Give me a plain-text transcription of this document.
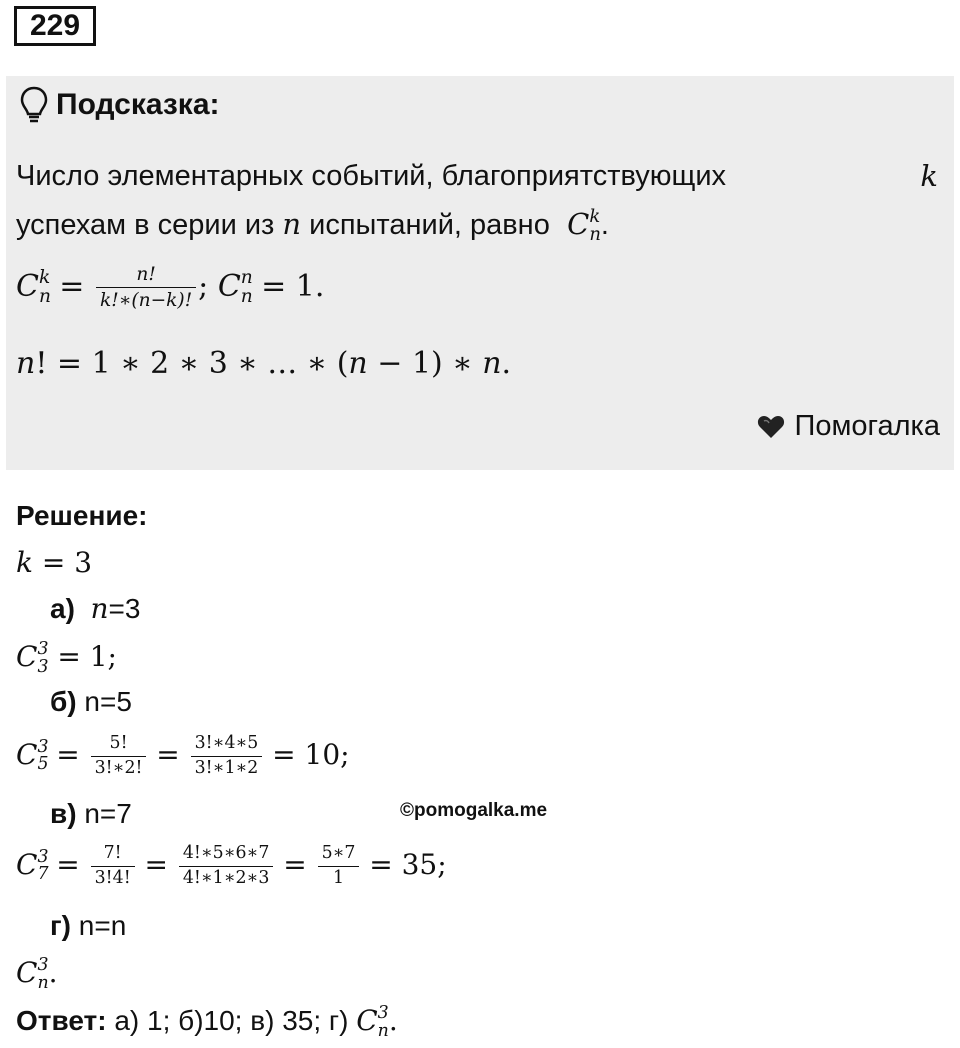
229
Подсказка:
Число элементарных событий, благоприятствующих	k
успехам в серии из n испытаний, равно  C k
n .
C k
$n = \frac{n!}{k!∗(n-k)!}$ ; C n
n = 1.
n! = 1 ∗ 2 ∗ 3 ∗ … ∗ (n − 1) ∗ n.
Помогалка
Решение:
k = 3
а) n=3
C 3
3 = 1;
б) n=5
C 3
$5 = \frac{5!}{3!∗2!} = \frac{3!∗4∗5}{3!∗1∗2} = 10$;
в) n=7	©pomogalka.me
C 3
$7 = \frac{7!}{3!4!} = \frac{4!∗5∗6∗7}{4!∗1∗2∗3} = \frac{5∗7}{1} = 35$;
г) n=n
C 3
n .
Ответ: а) 1; б)10; в) 35; г) C 3
n .
